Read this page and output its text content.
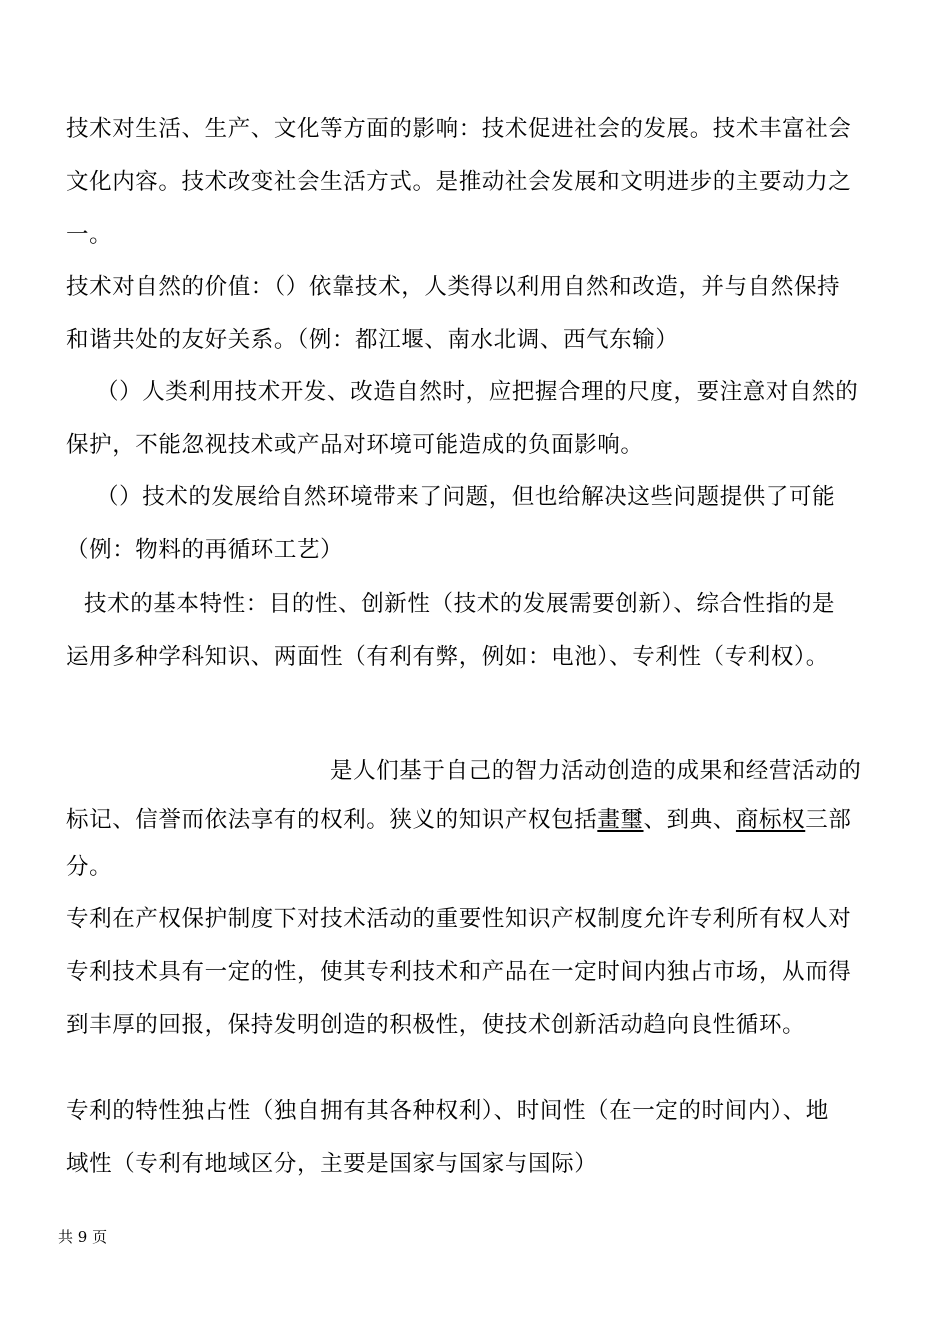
技术对生活、生产、文化等方面的影响：技术促进社会的发展。技术丰富社会
文化内容。技术改变社会生活方式。是推动社会发展和文明进步的主要动力之
一。
技术对自然的价值：（）依靠技术，人类得以利用自然和改造，并与自然保持
和谐共处的友好关系。（例：都江堰、南水北调、西气东输）
（）人类利用技术开发、改造自然时，应把握合理的尺度，要注意对自然的
保护，不能忽视技术或产品对环境可能造成的负面影响。
（）技术的发展给自然环境带来了问题，但也给解决这些问题提供了可能
（例：物料的再循环工艺）
技术的基本特性：目的性、创新性（技术的发展需要创新）、综合性指的是
运用多种学科知识、两面性（有利有弊，例如：电池）、专利性（专利权）。
是人们基于自己的智力活动创造的成果和经营活动的
标记、信誉而依法享有的权利。狭义的知识产权包括畫璽、到典、商标权三部
分。
专利在产权保护制度下对技术活动的重要性知识产权制度允许专利所有权人对
专利技术具有一定的性，使其专利技术和产品在一定时间内独占市场，从而得
到丰厚的回报，保持发明创造的积极性，使技术创新活动趋向良性循环。
专利的特性独占性（独自拥有其各种权利）、时间性（在一定的时间内）、地
域性（专利有地域区分，主要是国家与国家与国际）
共 9 页
